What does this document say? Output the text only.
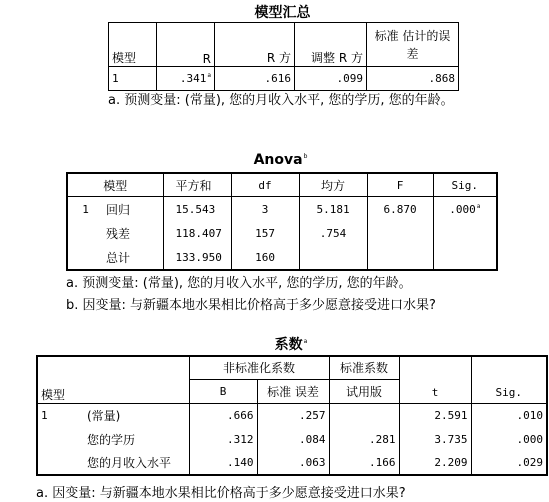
模型汇总
模型	R	R 方	调整 R 方	标准 估计的误差
1	.341$^a$	.616	.099	.868
a. 预测变量: (常量), 您的月收入水平, 您的学历, 您的年龄。
Anova$^b$
模型		平方和	df	均方	F	Sig.
1	回归	15.543	3	5.181	6.870	.000$^a$
	残差	118.407	157	.754		
	总计	133.950	160			
a. 预测变量: (常量), 您的月收入水平, 您的学历, 您的年龄。
b. 因变量: 与新疆本地水果相比价格高于多少愿意接受进口水果?
系数$^a$
模型		非标准化系数		标准系数	t	Sig.
		B	标准 误差	试用版		
1	(常量)	.666	.257		2.591	.010
	您的学历	.312	.084	.281	3.735	.000
	您的月收入水平	.140	.063	.166	2.209	.029
a. 因变量: 与新疆本地水果相比价格高于多少愿意接受进口水果?
